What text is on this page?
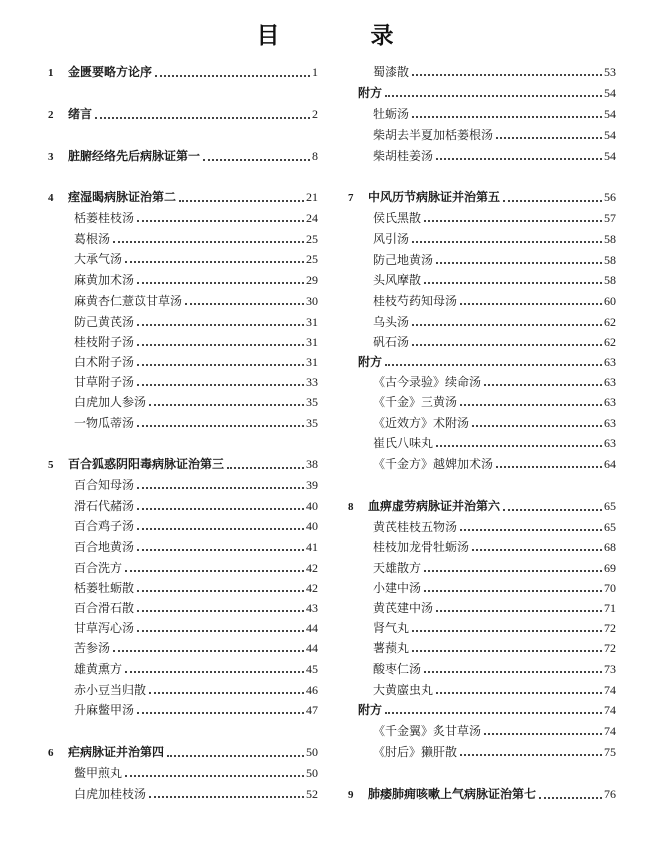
目　录
1	金匮要略方论序	1
2	绪言	2
3	脏腑经络先后病脉证第一	8
4	痓湿暍病脉证治第二	21
栝蒌桂枝汤	24
葛根汤	25
大承气汤	25
麻黄加术汤	29
麻黄杏仁薏苡甘草汤	30
防己黄芪汤	31
桂枝附子汤	31
白术附子汤	31
甘草附子汤	33
白虎加人参汤	35
一物瓜蒂汤	35
5	百合狐惑阴阳毒病脉证治第三	38
百合知母汤	39
滑石代赭汤	40
百合鸡子汤	40
百合地黄汤	41
百合洗方	42
栝蒌牡蛎散	42
百合滑石散	43
甘草泻心汤	44
苦参汤	44
雄黄熏方	45
赤小豆当归散	46
升麻鳖甲汤	47
6	疟病脉证并治第四	50
鳖甲煎丸	50
白虎加桂枝汤	52
蜀漆散	53
附方	54
牡蛎汤	54
柴胡去半夏加栝蒌根汤	54
柴胡桂姜汤	54
7	中风历节病脉证并治第五	56
侯氏黑散	57
风引汤	58
防己地黄汤	58
头风摩散	58
桂枝芍药知母汤	60
乌头汤	62
矾石汤	62
附方	63
《古今录验》续命汤	63
《千金》三黄汤	63
《近效方》术附汤	63
崔氏八味丸	63
《千金方》越婢加术汤	64
8	血痹虚劳病脉证并治第六	65
黄芪桂枝五物汤	65
桂枝加龙骨牡蛎汤	68
天雄散方	69
小建中汤	70
黄芪建中汤	71
肾气丸	72
薯蓣丸	72
酸枣仁汤	73
大黄䗪虫丸	74
附方	74
《千金翼》炙甘草汤	74
《肘后》獭肝散	75
9	肺痿肺痈咳嗽上气病脉证治第七	76
